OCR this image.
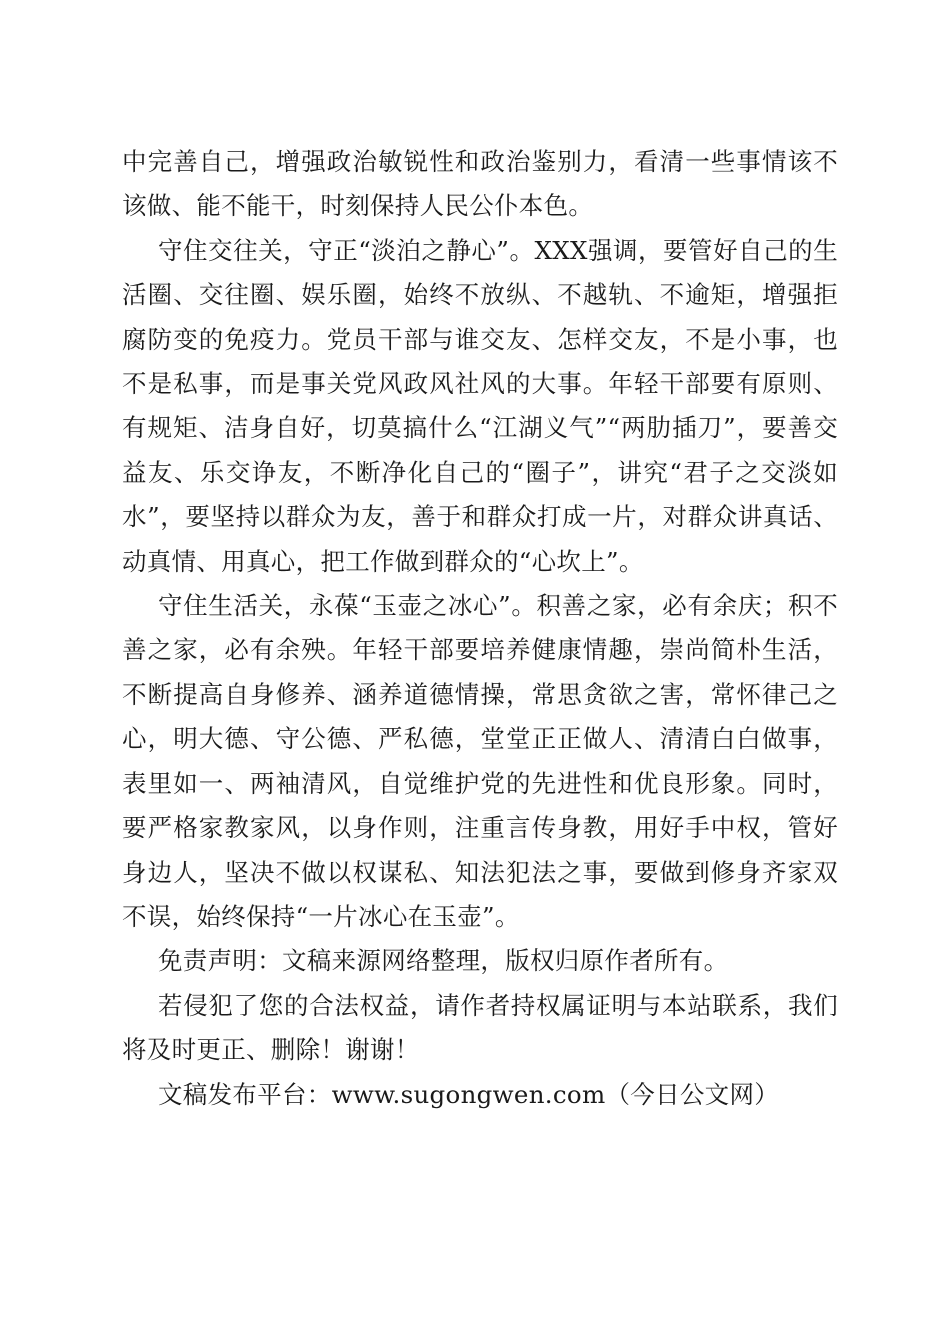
中完善自己，增强政治敏锐性和政治鉴别力，看清一些事情该不该做、能不能干，时刻保持人民公仆本色。

守住交往关，守正“淡泊之静心”。XXX强调，要管好自己的生活圈、交往圈、娱乐圈，始终不放纵、不越轨、不逾矩，增强拒腐防变的免疫力。党员干部与谁交友、怎样交友，不是小事，也不是私事，而是事关党风政风社风的大事。年轻干部要有原则、有规矩、洁身自好，切莫搞什么“江湖义气”“两肋插刀”，要善交益友、乐交诤友，不断净化自己的“圈子”，讲究“君子之交淡如水”，要坚持以群众为友，善于和群众打成一片，对群众讲真话、动真情、用真心，把工作做到群众的“心坎上”。

守住生活关，永葆“玉壶之冰心”。积善之家，必有余庆；积不善之家，必有余殃。年轻干部要培养健康情趣，崇尚简朴生活，不断提高自身修养、涵养道德情操，常思贪欲之害，常怀律己之心，明大德、守公德、严私德，堂堂正正做人、清清白白做事，表里如一、两袖清风，自觉维护党的先进性和优良形象。同时，要严格家教家风，以身作则，注重言传身教，用好手中权，管好身边人，坚决不做以权谋私、知法犯法之事，要做到修身齐家双不误，始终保持“一片冰心在玉壶”。

免责声明：文稿来源网络整理，版权归原作者所有。

若侵犯了您的合法权益，请作者持权属证明与本站联系，我们将及时更正、删除！谢谢！

文稿发布平台：www.sugongwen.com（今日公文网）
